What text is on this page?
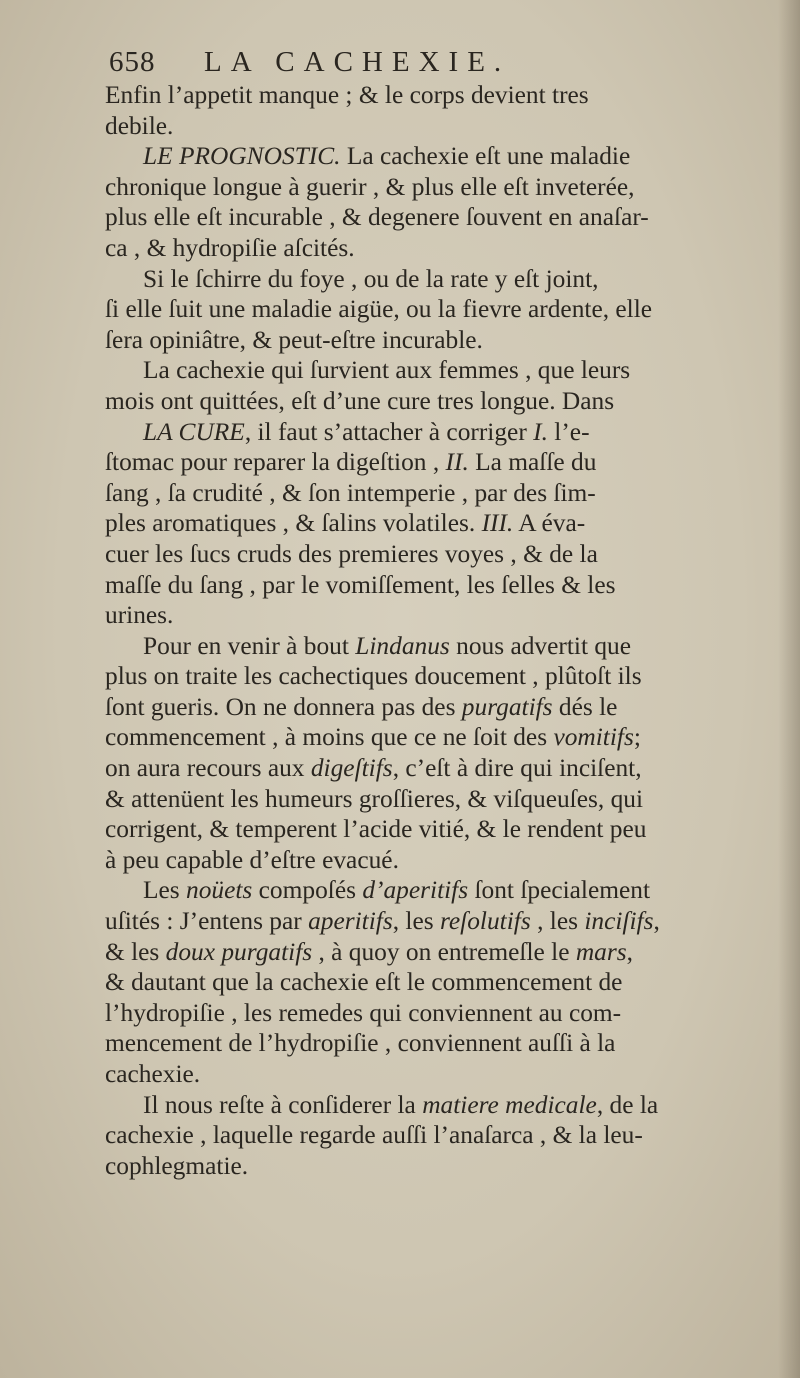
658	LA CACHEXIE.
Enfin l’appetit manque ; & le corps devient tres
debile.
LE PROGNOSTIC. La cachexie eſt une maladie
chronique longue à guerir , & plus elle eſt inveterée,
plus elle eſt incurable , & degenere ſouvent en anaſar-
ca , & hydropiſie aſcités.
Si le ſchirre du foye , ou de la rate y eſt joint,
ſi elle ſuit une maladie aigüe, ou la fievre ardente, elle
ſera opiniâtre, & peut-eſtre incurable.
La cachexie qui ſurvient aux femmes , que leurs
mois ont quittées, eſt d’une cure tres longue. Dans
LA CURE, il faut s’attacher à corriger I. l’e-
ſtomac pour reparer la digeſtion , II. La maſſe du
ſang , ſa crudité , & ſon intemperie , par des ſim-
ples aromatiques , & ſalins volatiles. III. A éva-
cuer les ſucs cruds des premieres voyes , & de la
maſſe du ſang , par le vomiſſement, les ſelles & les
urines.
Pour en venir à bout Lindanus nous advertit que
plus on traite les cachectiques doucement , plûtoſt ils
ſont gueris. On ne donnera pas des purgatifs dés le
commencement , à moins que ce ne ſoit des vomitifs;
on aura recours aux digeſtifs, c’eſt à dire qui inciſent,
& attenüent les humeurs groſſieres, & viſqueuſes, qui
corrigent, & temperent l’acide vitié, & le rendent peu
à peu capable d’eſtre evacué.
Les noüets compoſés d’aperitifs ſont ſpecialement
uſités : J’entens par aperitifs, les reſolutifs , les inciſifs,
& les doux purgatifs , à quoy on entremeſle le mars,
& dautant que la cachexie eſt le commencement de
l’hydropiſie , les remedes qui conviennent au com-
mencement de l’hydropiſie , conviennent auſſi à la
cachexie.
Il nous reſte à conſiderer la matiere medicale, de la
cachexie , laquelle regarde auſſi l’anaſarca , & la leu-
cophlegmatie.
